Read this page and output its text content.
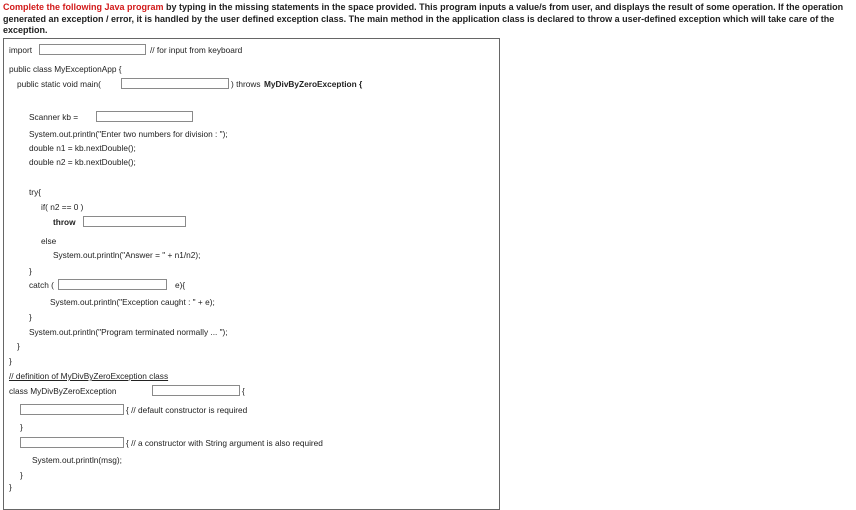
Complete the following Java program by typing in the missing statements in the space provided. This program inputs a value/s from user, and displays the result of some operation. If the operation generated an exception / error, it is handled by the user defined exception class. The main method in the application class is declared to throw a user-defined exception which will take care of the exception.
import	// for input from keyboard
public class MyExceptionApp {
public static void main(	) throws MyDivByZeroException {
Scanner kb =
System.out.println("Enter two numbers for division : ");
double n1 = kb.nextDouble();
double n2 = kb.nextDouble();
try{
if( n2 == 0 )
throw
else
System.out.println("Answer = " + n1/n2);
}
catch (	e){
System.out.println("Exception caught : " + e);
}
System.out.println("Program terminated normally ... ");
}
}
// definition of MyDivByZeroException class
class MyDivByZeroException	{
{ // default constructor is required
}
{ // a constructor with String argument is also required
System.out.println(msg);
}
}
